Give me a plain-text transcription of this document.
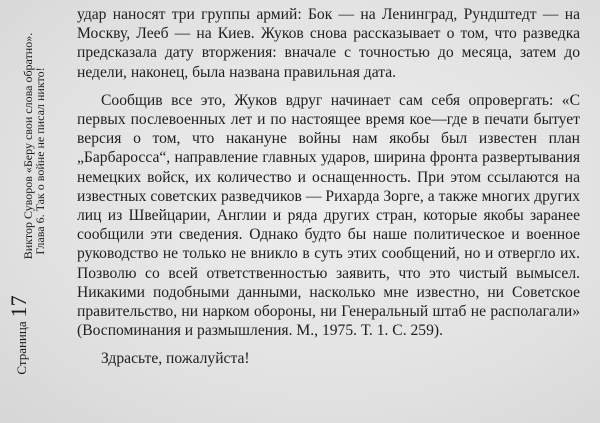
Страница
17
Виктор Суворов «Беру свои слова обратно».
Глава 6. Так о войне не писал никто!

удар наносят три группы армий: Бок — на Ленинград, Рундштедт — на Москву, Лееб — на Киев. Жуков снова рассказывает о том, что разведка предсказала дату вторжения: вначале с точностью до месяца, затем до недели, наконец, была названа правильная дата.

Сообщив все это, Жуков вдруг начинает сам себя опровергать: «С первых послевоенных лет и по настоящее время кое—где в печати бытует версия о том, что накануне войны нам якобы был известен план „Барбаросса“, направление главных ударов, ширина фронта развертывания немецких войск, их количество и оснащенность. При этом ссылаются на известных советских разведчиков — Рихарда Зорге, а также многих других лиц из Швейцарии, Англии и ряда других стран, которые якобы заранее сообщили эти сведения. Однако будто бы наше политическое и военное руководство не только не вникло в суть этих сообщений, но и отвергло их. Позволю со всей ответственностью заявить, что это чистый вымысел. Никакими подобными данными, насколько мне известно, ни Советское правительство, ни нарком обороны, ни Генеральный штаб не располагали» (Воспоминания и размышления. М., 1975. Т. 1. С. 259).

Здрасьте, пожалуйста!
